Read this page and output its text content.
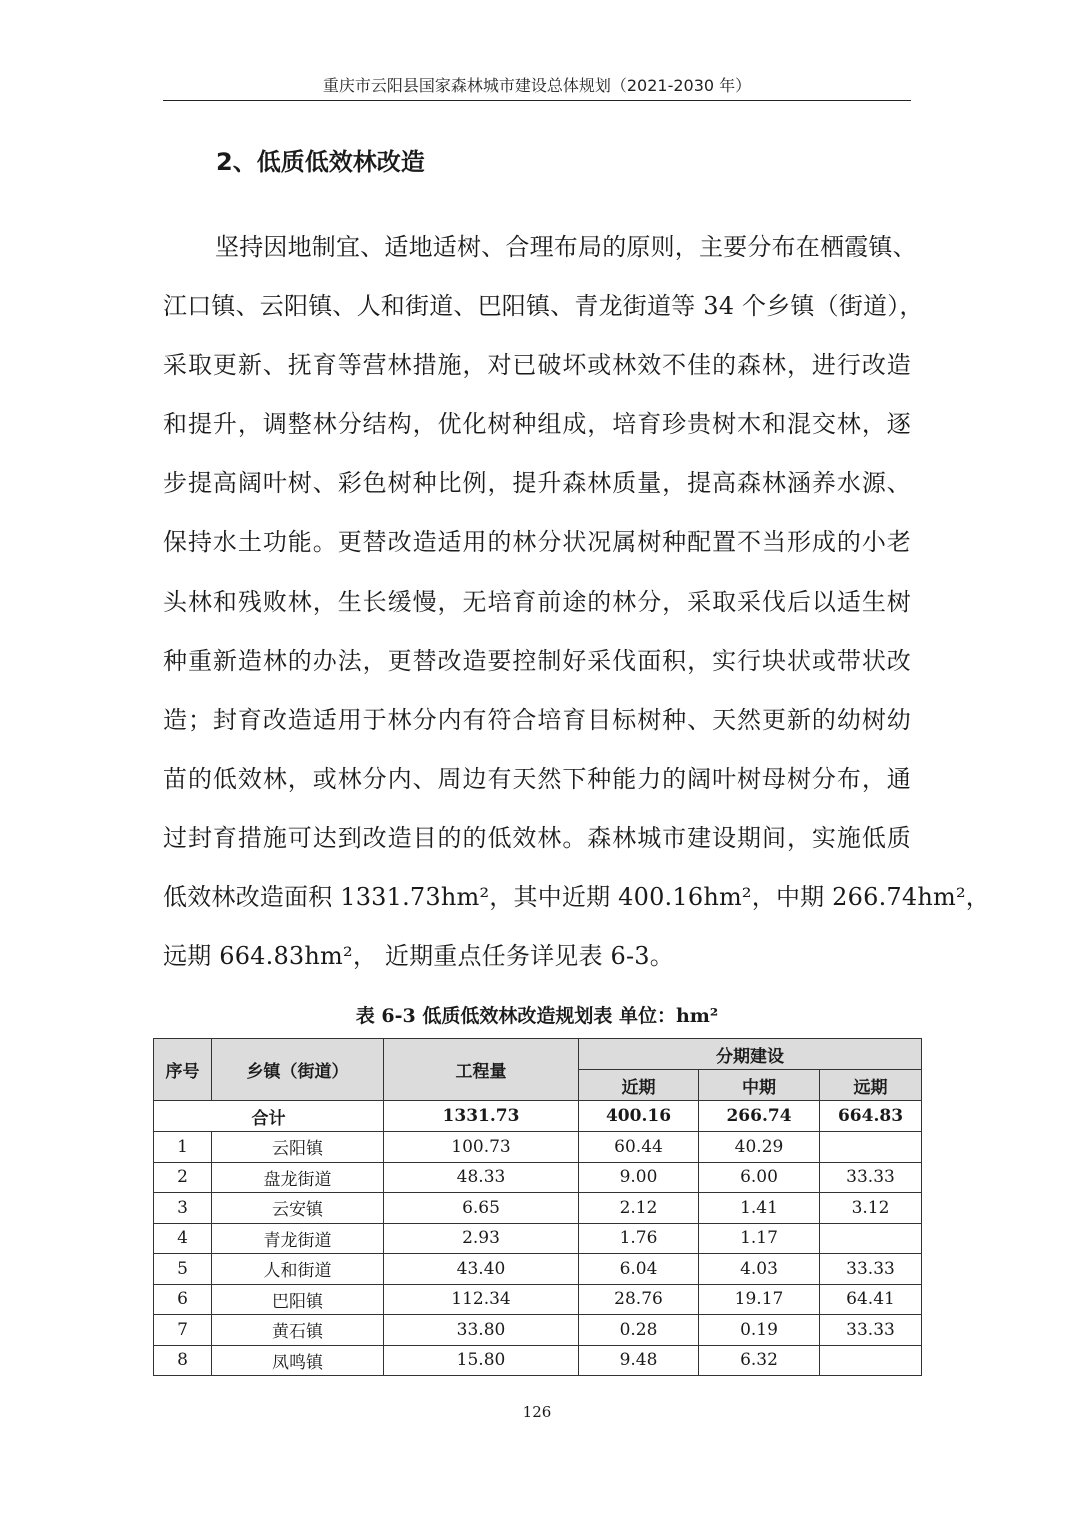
重庆市云阳县国家森林城市建设总体规划（2021-2030 年）
2、低质低效林改造
坚持因地制宜、适地适树、合理布局的原则，主要分布在栖霞镇、
江口镇、云阳镇、人和街道、巴阳镇、青龙街道等 34 个乡镇（街道），
采取更新、抚育等营林措施，对已破坏或林效不佳的森林，进行改造
和提升，调整林分结构，优化树种组成，培育珍贵树木和混交林，逐
步提高阔叶树、彩色树种比例，提升森林质量，提高森林涵养水源、
保持水土功能。更替改造适用的林分状况属树种配置不当形成的小老
头林和残败林，生长缓慢，无培育前途的林分，采取采伐后以适生树
种重新造林的办法，更替改造要控制好采伐面积，实行块状或带状改
造；封育改造适用于林分内有符合培育目标树种、天然更新的幼树幼
苗的低效林，或林分内、周边有天然下种能力的阔叶树母树分布，通
过封育措施可达到改造目的的低效林。森林城市建设期间，实施低质
低效林改造面积 1331.73hm²，其中近期 400.16hm²，中期 266.74hm²，
远期 664.83hm²， 近期重点任务详见表 6-3。
表 6-3 低质低效林改造规划表 单位：hm²
序号	乡镇（街道）	工程量	分期建设		
			近期	中期	远期
合计		1331.73	400.16	266.74	664.83
1	云阳镇	100.73	60.44	40.29	
2	盘龙街道	48.33	9.00	6.00	33.33
3	云安镇	6.65	2.12	1.41	3.12
4	青龙街道	2.93	1.76	1.17	
5	人和街道	43.40	6.04	4.03	33.33
6	巴阳镇	112.34	28.76	19.17	64.41
7	黄石镇	33.80	0.28	0.19	33.33
8	凤鸣镇	15.80	9.48	6.32	
126
